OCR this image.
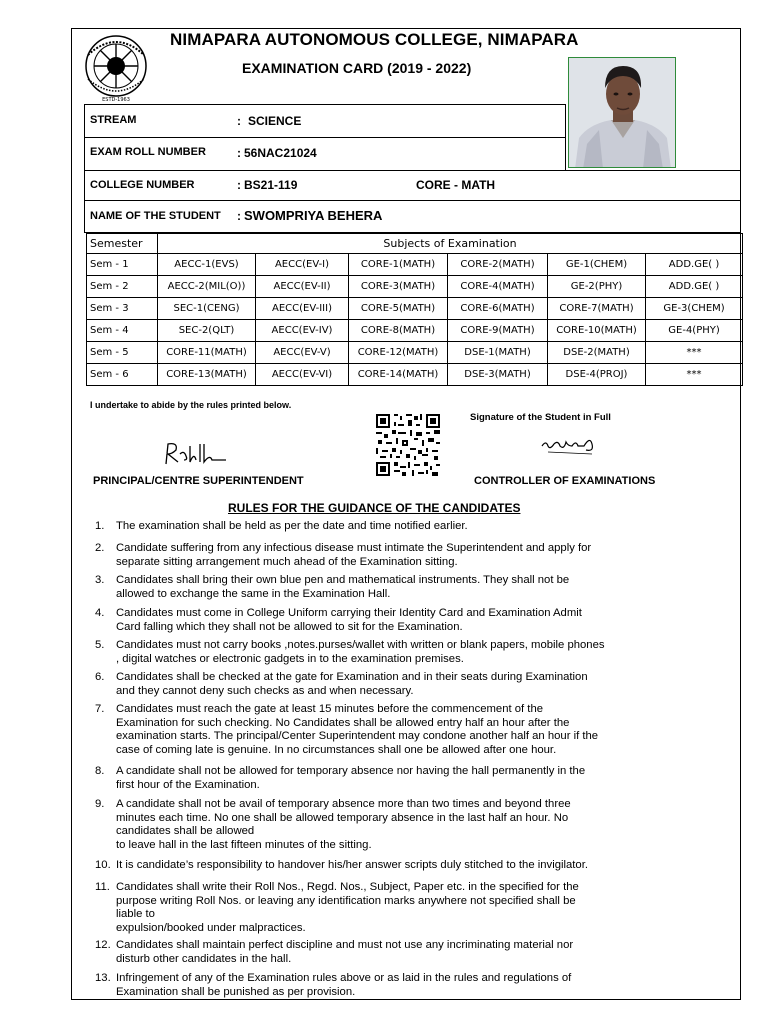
ESTD-1963
NIMAPARA AUTONOMOUS COLLEGE, NIMAPARA
EXAMINATION CARD (2019 - 2022)
STREAM	: SCIENCE
EXAM ROLL NUMBER	: 56NAC21024
COLLEGE NUMBER	: BS21-119	CORE - MATH
NAME OF THE STUDENT : SWOMPRIYA BEHERA
Semester	Subjects of Examination					
Sem - 1	AECC-1(EVS)	AECC(EV-I)	CORE-1(MATH)	CORE-2(MATH)	GE-1(CHEM)	ADD.GE( )
Sem - 2	AECC-2(MIL(O))	AECC(EV-II)	CORE-3(MATH)	CORE-4(MATH)	GE-2(PHY)	ADD.GE( )
Sem - 3	SEC-1(CENG)	AECC(EV-III)	CORE-5(MATH)	CORE-6(MATH)	CORE-7(MATH)	GE-3(CHEM)
Sem - 4	SEC-2(QLT)	AECC(EV-IV)	CORE-8(MATH)	CORE-9(MATH)	CORE-10(MATH)	GE-4(PHY)
Sem - 5	CORE-11(MATH)	AECC(EV-V)	CORE-12(MATH)	DSE-1(MATH)	DSE-2(MATH)	***
Sem - 6	CORE-13(MATH)	AECC(EV-VI)	CORE-14(MATH)	DSE-3(MATH)	DSE-4(PROJ)	***
I undertake to abide by the rules printed below.
Signature of the Student in Full
PRINCIPAL/CENTRE SUPERINTENDENT	CONTROLLER OF EXAMINATIONS
RULES FOR THE GUIDANCE OF THE CANDIDATES
1.	The examination shall be held as per the date and time notified earlier.
2.	Candidate suffering from any infectious disease must intimate the Superintendent and apply for
separate sitting arrangement much ahead of the Examination sitting.
3.	Candidates shall bring their own blue pen and mathematical instruments. They shall not be
allowed to exchange the same in the Examination Hall.
4.	Candidates must come in College Uniform carrying their Identity Card and Examination Admit
Card falling which they shall not be allowed to sit for the Examination.
5.	Candidates must not carry books ,notes.purses/wallet with written or blank papers, mobile phones
, digital watches or electronic gadgets in to the examination premises.
6.	Candidates shall be checked at the gate for Examination and in their seats during Examination
and they cannot deny such checks as and when necessary.
7.	Candidates must reach the gate at least 15 minutes before the commencement of the
Examination for such checking. No Candidates shall be allowed entry half an hour after the
examination starts. The principal/Center Superintendent may condone another half an hour if the
case of coming late is genuine. In no circumstances shall one be allowed after one hour.
8.	A candidate shall not be allowed for temporary absence nor having the hall permanently in the
first hour of the Examination.
9.	A candidate shall not be avail of temporary absence more than two times and beyond three
minutes each time. No one shall be allowed temporary absence in the last half an hour. No
candidates shall be allowed
to leave hall in the last fifteen minutes of the sitting.
10. It is candidate’s responsibility to handover his/her answer scripts duly stitched to the invigilator.
11. Candidates shall write their Roll Nos., Regd. Nos., Subject, Paper etc. in the specified for the
purpose writing Roll Nos. or leaving any identification marks anywhere not specified shall be
liable to
expulsion/booked under malpractices.
12. Candidates shall maintain perfect discipline and must not use any incriminating material nor
disturb other candidates in the hall.
13. Infringement of any of the Examination rules above or as laid in the rules and regulations of
Examination shall be punished as per provision.
